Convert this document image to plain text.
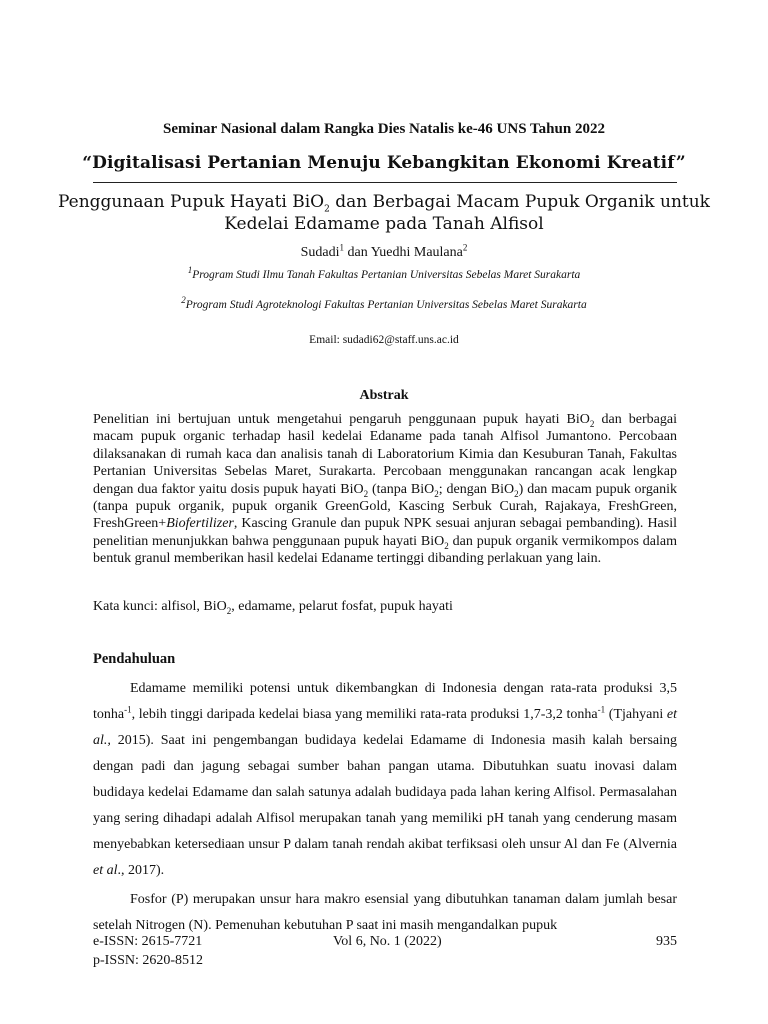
Seminar Nasional dalam Rangka Dies Natalis ke-46 UNS Tahun 2022
“Digitalisasi Pertanian Menuju Kebangkitan Ekonomi Kreatif”
Penggunaan Pupuk Hayati BiO$_2$ dan Berbagai Macam Pupuk Organik untuk
Kedelai Edamame pada Tanah Alfisol
Sudadi$^1$ dan Yuedhi Maulana$^2$
$^1$Program Studi Ilmu Tanah Fakultas Pertanian Universitas Sebelas Maret Surakarta
$^2$Program Studi Agroteknologi Fakultas Pertanian Universitas Sebelas Maret Surakarta
Email: sudadi62@staff.uns.ac.id
Abstrak
Penelitian ini bertujuan untuk mengetahui pengaruh penggunaan pupuk hayati BiO$_2$ dan berbagai macam pupuk organic terhadap hasil kedelai Edaname pada tanah Alfisol Jumantono. Percobaan dilaksanakan di rumah kaca dan analisis tanah di Laboratorium Kimia dan Kesuburan Tanah, Fakultas Pertanian Universitas Sebelas Maret, Surakarta. Percobaan menggunakan rancangan acak lengkap dengan dua faktor yaitu dosis pupuk hayati BiO$_2$ (tanpa BiO$_2$; dengan BiO$_2$) dan macam pupuk organik (tanpa pupuk organik, pupuk organik GreenGold, Kascing Serbuk Curah, Rajakaya, FreshGreen, FreshGreen+Biofertilizer, Kascing Granule dan pupuk NPK sesuai anjuran sebagai pembanding). Hasil penelitian menunjukkan bahwa penggunaan pupuk hayati BiO$_2$ dan pupuk organik vermikompos dalam bentuk granul memberikan hasil kedelai Edaname tertinggi dibanding perlakuan yang lain.
Kata kunci: alfisol, BiO$_2$, edamame, pelarut fosfat, pupuk hayati
Pendahuluan

Edamame memiliki potensi untuk dikembangkan di Indonesia dengan rata-rata produksi 3,5 tonha$^{-1}$, lebih tinggi daripada kedelai biasa yang memiliki rata-rata produksi 1,7-3,2 tonha$^{-1}$ (Tjahyani et al., 2015). Saat ini pengembangan budidaya kedelai Edamame di Indonesia masih kalah bersaing dengan padi dan jagung sebagai sumber bahan pangan utama. Dibutuhkan suatu inovasi dalam budidaya kedelai Edamame dan salah satunya adalah budidaya pada lahan kering Alfisol. Permasalahan yang sering dihadapi adalah Alfisol merupakan tanah yang memiliki pH tanah yang cenderung masam menyebabkan ketersediaan unsur P dalam tanah rendah akibat terfiksasi oleh unsur Al dan Fe (Alvernia et al., 2017).

Fosfor (P) merupakan unsur hara makro esensial yang dibutuhkan tanaman dalam jumlah besar setelah Nitrogen (N). Pemenuhan kebutuhan P saat ini masih mengandalkan pupuk

e-ISSN: 2615-7721
p-ISSN: 2620-8512
Vol 6, No. 1 (2022)	935
